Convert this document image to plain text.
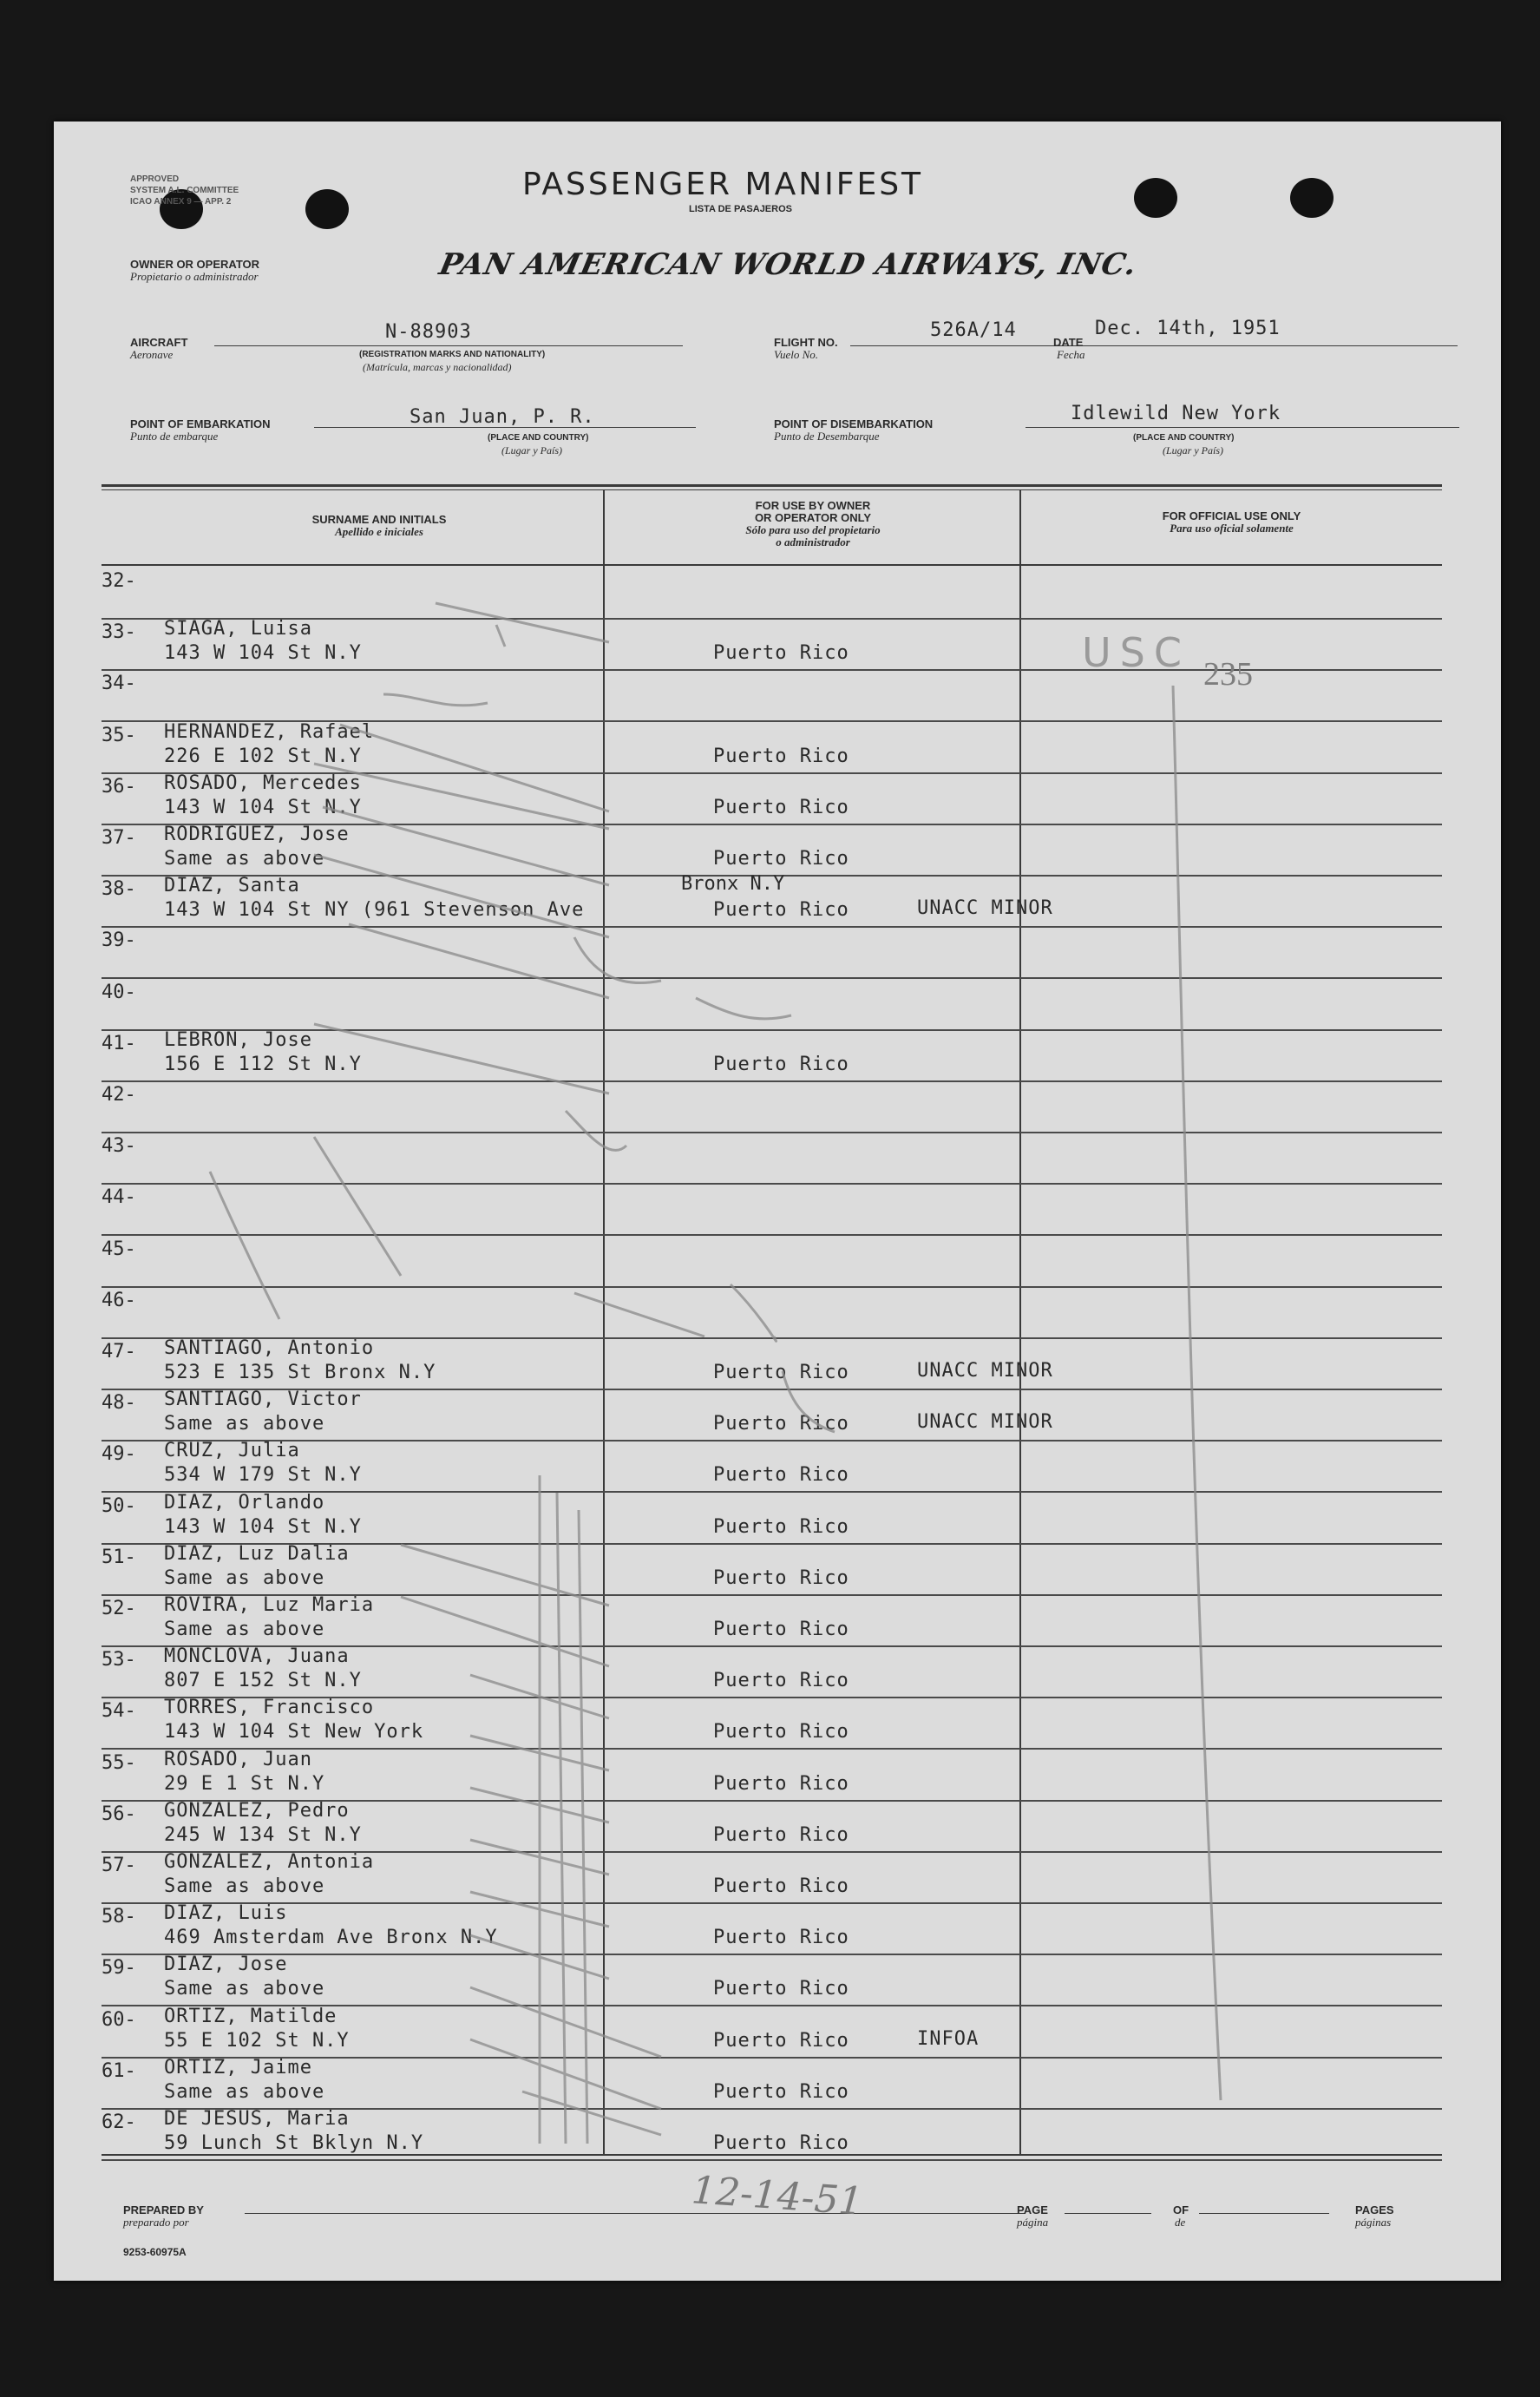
APPROVED
SYSTEM A.L. COMMITTEE
ICAO ANNEX 9 — APP. 2	PASSENGER MANIFEST
LISTA DE PASAJEROS
OWNER OR OPERATOR
Propietario o administrador	PAN AMERICAN WORLD AIRWAYS, INC.
AIRCRAFT
Aeronave
N-88903
(REGISTRATION MARKS AND NATIONALITY)
(Matrícula, marcas y nacionalidad)
FLIGHT NO.
Vuelo No.
526A/14
DATE
Fecha
Dec. 14th, 1951
POINT OF EMBARKATION
Punto de embarque
San Juan, P. R.
(PLACE AND COUNTRY)
(Lugar y País)
POINT OF DISEMBARKATION
Punto de Desembarque
Idlewild New York
(PLACE AND COUNTRY)
(Lugar y País)
SURNAME AND INITIALS
Apellido e iniciales
FOR USE BY OWNER
OR OPERATOR ONLY
Sólo para uso del propietario
o administrador
FOR OFFICIAL USE ONLY
Para uso oficial solamente
32-
33- SIAGA, Luisa
143 W 104 St N.Y	Puerto Rico
34-
35- HERNANDEZ, Rafael
226 E 102 St N.Y	Puerto Rico
36- ROSADO, Mercedes
143 W 104 St N.Y	Puerto Rico
37- RODRIGUEZ, Jose
Same as above	Puerto Rico
38- DIAZ, Santa
143 W 104 St NY (961 Stevenson Ave	Puerto Rico	UNACC MINOR
Bronx N.Y
39-
40-
41- LEBRON, Jose
156 E 112 St N.Y	Puerto Rico
42-
43-
44-
45-
46-
47- SANTIAGO, Antonio
523 E 135 St Bronx N.Y	Puerto Rico	UNACC MINOR
48- SANTIAGO, Victor
Same as above	Puerto Rico	UNACC MINOR
49- CRUZ, Julia
534 W 179 St N.Y	Puerto Rico
50- DIAZ, Orlando
143 W 104 St N.Y	Puerto Rico
51- DIAZ, Luz Dalia
Same as above	Puerto Rico
52- ROVIRA, Luz Maria
Same as above	Puerto Rico
53- MONCLOVA, Juana
807 E 152 St N.Y	Puerto Rico
54- TORRES, Francisco
143 W 104 St New York	Puerto Rico
55- ROSADO, Juan
29 E 1 St N.Y	Puerto Rico
56- GONZALEZ, Pedro
245 W 134 St N.Y	Puerto Rico
57- GONZALEZ, Antonia
Same as above	Puerto Rico
58- DIAZ, Luis
469 Amsterdam Ave Bronx N.Y	Puerto Rico
59- DIAZ, Jose
Same as above	Puerto Rico
60- ORTIZ, Matilde
55 E 102 St N.Y	Puerto Rico	INFOA
61- ORTIZ, Jaime
Same as above	Puerto Rico
62- DE JESUS, Maria
59 Lunch St Bklyn N.Y	Puerto Rico
USC 235
PREPARED BY
preparado por	12-14-51	PAGE
página
OF
de
PAGES
páginas
9253-60975A
